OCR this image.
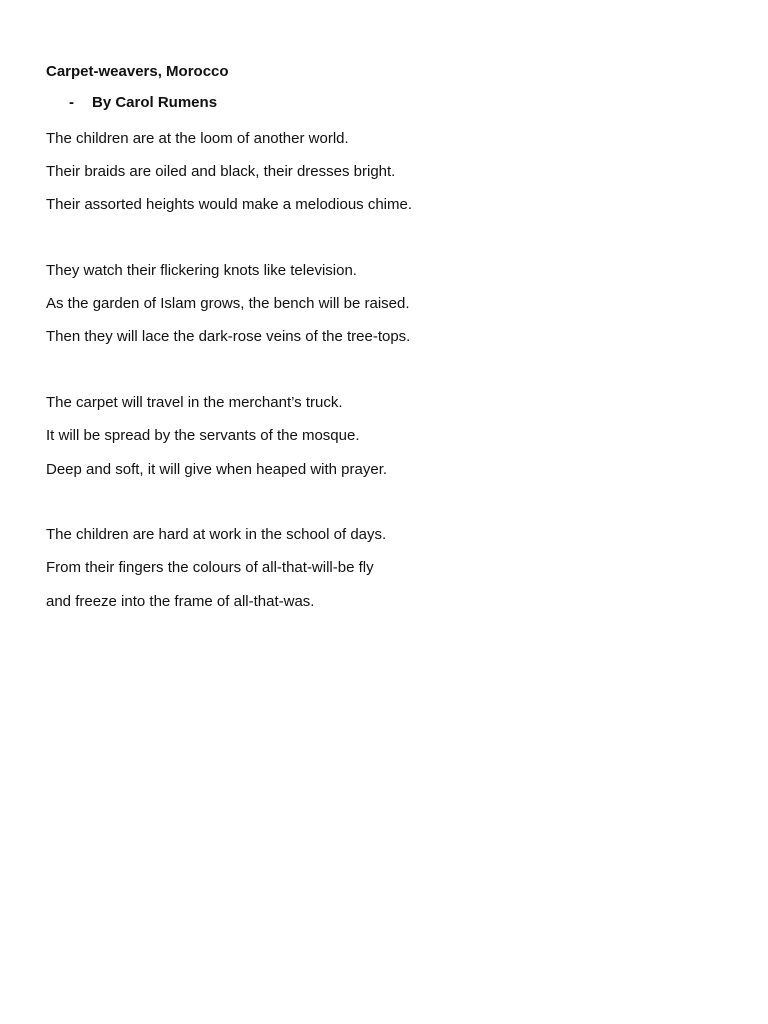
Carpet-weavers, Morocco
-	By Carol Rumens
The children are at the loom of another world.
Their braids are oiled and black, their dresses bright.
Their assorted heights would make a melodious chime.
They watch their flickering knots like television.
As the garden of Islam grows, the bench will be raised.
Then they will lace the dark-rose veins of the tree-tops.
The carpet will travel in the merchant’s truck.
It will be spread by the servants of the mosque.
Deep and soft, it will give when heaped with prayer.
The children are hard at work in the school of days.
From their fingers the colours of all-that-will-be fly
and freeze into the frame of all-that-was.
